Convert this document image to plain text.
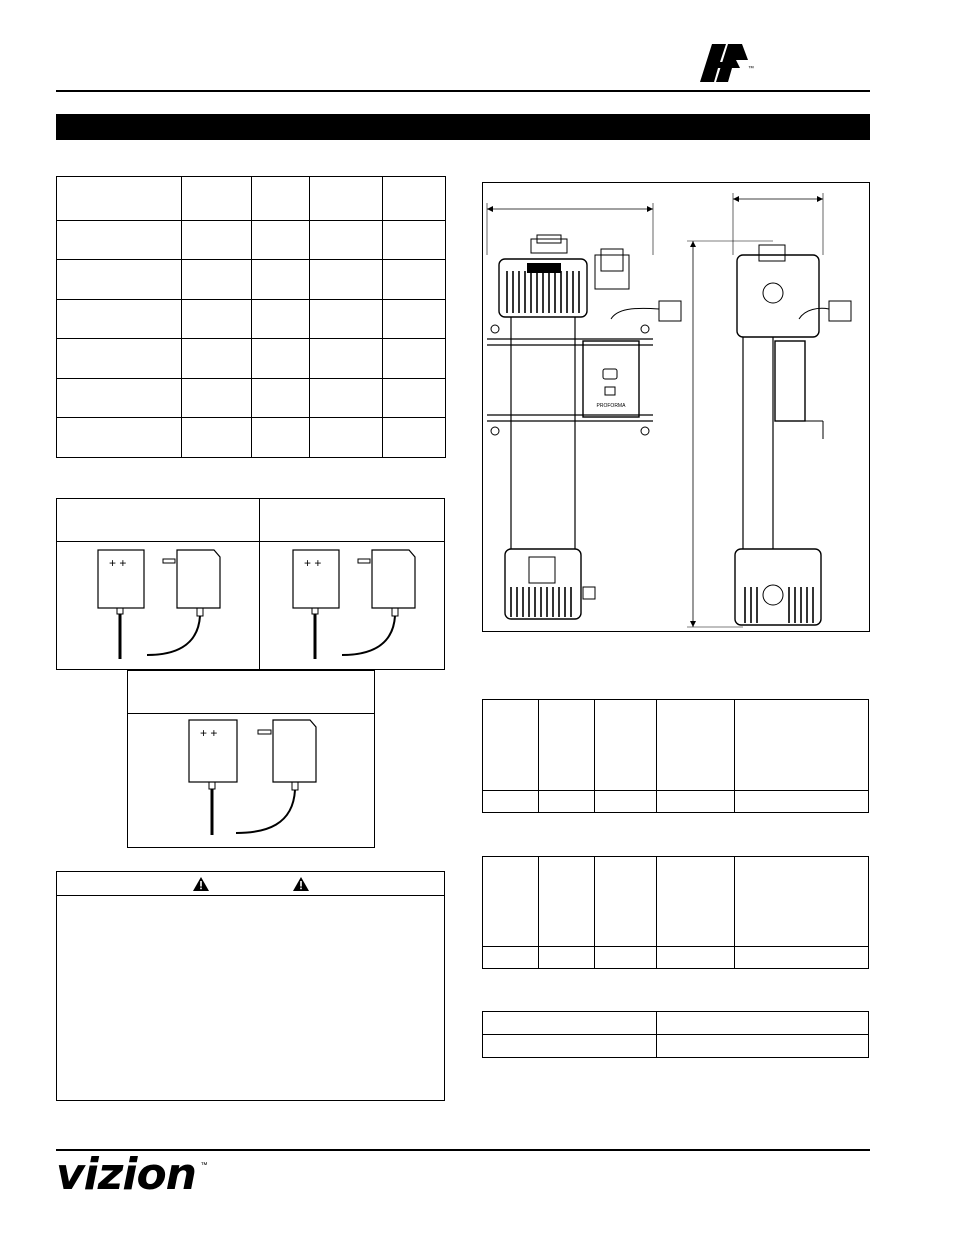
™

+ +	+ +
+ +
PROFORMA

vizion ™
